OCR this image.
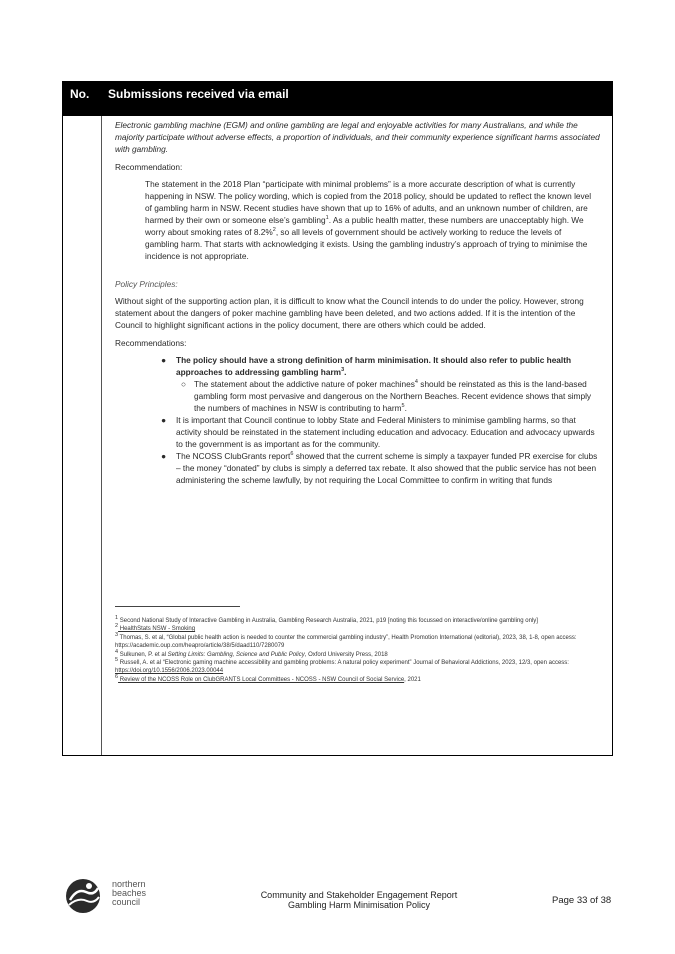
No. Submissions received via email

Electronic gambling machine (EGM) and online gambling are legal and enjoyable activities for many Australians, and while the majority participate without adverse effects, a proportion of individuals, and their community experience significant harms associated with gambling.

Recommendation:

The statement in the 2018 Plan “participate with minimal problems” is a more accurate description of what is currently happening in NSW. The policy wording, which is copied from the 2018 policy, should be updated to reflect the known level of gambling harm in NSW. Recent studies have shown that up to 16% of adults, and an unknown number of children, are harmed by their own or someone else’s gambling$^1$. As a public health matter, these numbers are unacceptably high. We worry about smoking rates of 8.2%$^2$, so all levels of government should be actively working to reduce the levels of gambling harm. That starts with acknowledging it exists. Using the gambling industry’s approach of trying to minimise the incidence is not appropriate.

Policy Principles:

Without sight of the supporting action plan, it is difficult to know what the Council intends to do under the policy. However, strong statement about the dangers of poker machine gambling have been deleted, and two actions added. If it is the intention of the Council to highlight significant actions in the policy document, there are others which could be added.

Recommendations:

● The policy should have a strong definition of harm minimisation. It should also refer to public health approaches to addressing gambling harm$^3$.
○ The statement about the addictive nature of poker machines$^4$ should be reinstated as this is the land-based gambling form most pervasive and dangerous on the Northern Beaches. Recent evidence shows that simply the numbers of machines in NSW is contributing to harm$^5$.
● It is important that Council continue to lobby State and Federal Ministers to minimise gambling harms, so that activity should be reinstated in the statement including education and advocacy. Education and advocacy upwards to the government is as important as for the community.
● The NCOSS ClubGrants report$^6$ showed that the current scheme is simply a taxpayer funded PR exercise for clubs – the money “donated” by clubs is simply a deferred tax rebate. It also showed that the public service has not been administering the scheme lawfully, by not requiring the Local Committee to confirm in writing that funds
$^1$ Second National Study of Interactive Gambling in Australia, Gambling Research Australia, 2021, p19 [noting this focussed on interactive/online gambling only]
$^2$ HealthStats NSW - Smoking
$^3$ Thomas, S. et al, “Global public health action is needed to counter the commercial gambling industry”, Health Promotion International (editorial), 2023, 38, 1-8, open access: https://academic.oup.com/heapro/article/38/5/daad110/7280079
$^4$ Sulkunen, P. et al Setting Limits: Gambling, Science and Public Policy, Oxford University Press, 2018
$^5$ Russell, A. et al “Electronic gaming machine accessibility and gambling problems: A natural policy experiment” Journal of Behavioral Addictions, 2023, 12/3, open access: https://doi.org/10.1556/2006.2023.00044
$^6$ Review of the NCOSS Role on ClubGRANTS Local Committees - NCOSS - NSW Council of Social Service, 2021
northern
beaches
council
Community and Stakeholder Engagement Report
Gambling Harm Minimisation Policy	Page 33 of 38
